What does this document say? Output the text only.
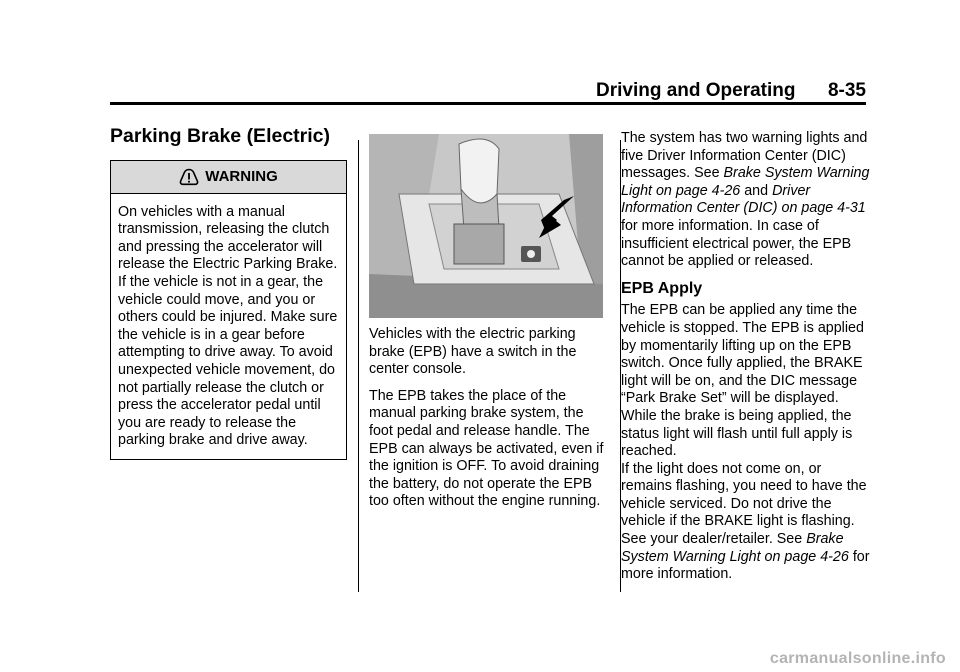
Driving and Operating 8-35
Parking Brake (Electric)
WARNING
On vehicles with a manual transmission, releasing the clutch and pressing the accelerator will release the Electric Parking Brake. If the vehicle is not in a gear, the vehicle could move, and you or others could be injured. Make sure the vehicle is in a gear before attempting to drive away. To avoid unexpected vehicle movement, do not partially release the clutch or press the accelerator pedal until you are ready to release the parking brake and drive away.

Vehicles with the electric parking brake (EPB) have a switch in the center console.

The EPB takes the place of the manual parking brake system, the foot pedal and release handle. The EPB can always be activated, even if the ignition is OFF. To avoid draining the battery, do not operate the EPB too often without the engine running.

The system has two warning lights and five Driver Information Center (DIC) messages. See Brake System Warning Light on page 4-26 and Driver Information Center (DIC) on page 4-31 for more information. In case of insufficient electrical power, the EPB cannot be applied or released.

EPB Apply

The EPB can be applied any time the vehicle is stopped. The EPB is applied by momentarily lifting up on the EPB switch. Once fully applied, the BRAKE light will be on, and the DIC message “Park Brake Set” will be displayed. While the brake is being applied, the status light will flash until full apply is reached.

If the light does not come on, or remains flashing, you need to have the vehicle serviced. Do not drive the vehicle if the BRAKE light is flashing. See your dealer/retailer. See Brake System Warning Light on page 4-26 for more information.

carmanualsonline.info
